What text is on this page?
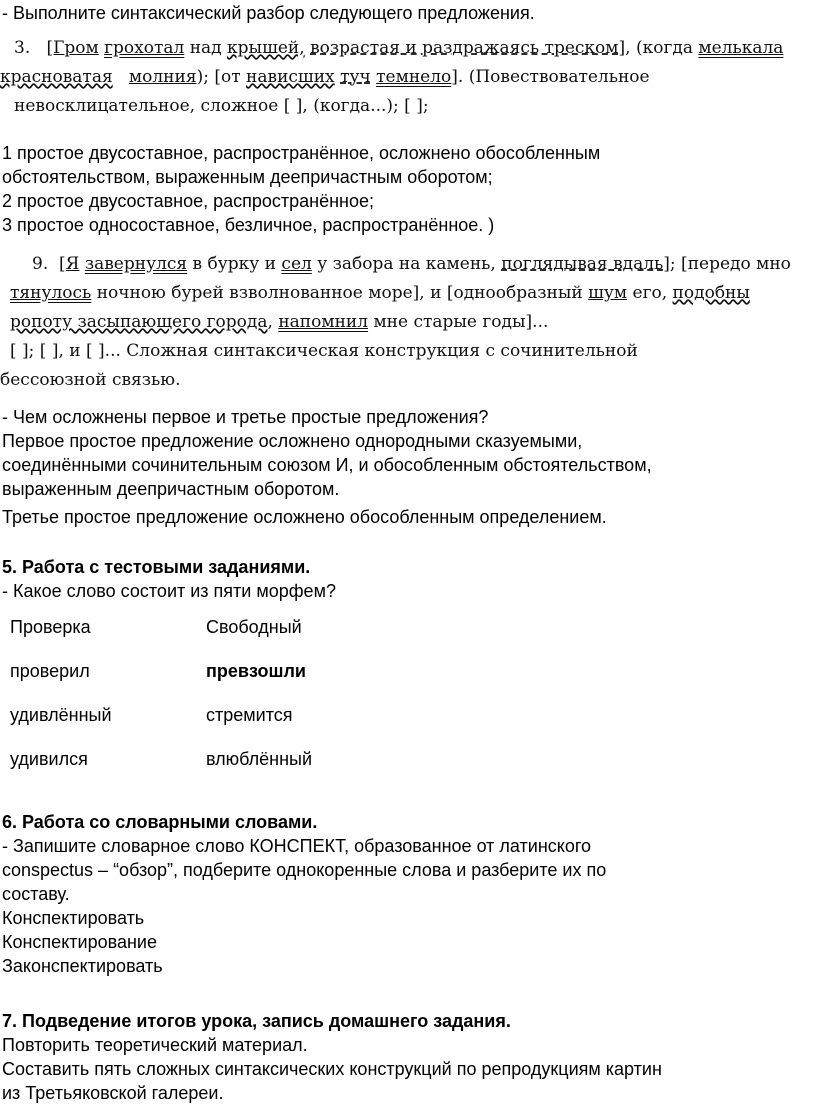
- Выполните синтаксический разбор следующего предложения.

3. [Гром грохотал над крышей, возрастая и раздражаясь треском], (когда мелькала
красноватая молния); [от нависших туч темнело]. (Повествовательное
невосклицательное, сложное [ ], (когда...); [ ];

1 простое двусоставное, распространённое, осложнено обособленным

обстоятельством, выраженным деепричастным оборотом;

2 простое двусоставное, распространённое;

3 простое односоставное, безличное, распространённое. )

9. [Я завернулся в бурку и сел у забора на камень, поглядывая вдаль]; [передо мно
тянулось ночною бурей взволнованное море], и [однообразный шум его, подобны
ропоту засыпающего города, напомнил мне старые годы]...
[ ]; [ ], и [ ]... Сложная синтаксическая конструкция с сочинительной
бессоюзной связью.

- Чем осложнены первое и третье простые предложения?

Первое простое предложение осложнено однородными сказуемыми,

соединёнными сочинительным союзом И, и обособленным обстоятельством,

выраженным деепричастным оборотом.

Третье простое предложение осложнено обособленным определением.

5. Работа с тестовыми заданиями.

- Какое слово состоит из пяти морфем?

Проверка	Свободный
проверил	превзошли
удивлённый	стремится
удивился	влюблённый

6. Работа со словарными словами.

- Запишите словарное слово КОНСПЕКТ, образованное от латинского

conspectus – “обзор”, подберите однокоренные слова и разберите их по

составу.

Конспектировать

Конспектирование

Законспектировать

7. Подведение итогов урока, запись домашнего задания.

Повторить теоретический материал.

Составить пять сложных синтаксических конструкций по репродукциям картин

из Третьяковской галереи.
